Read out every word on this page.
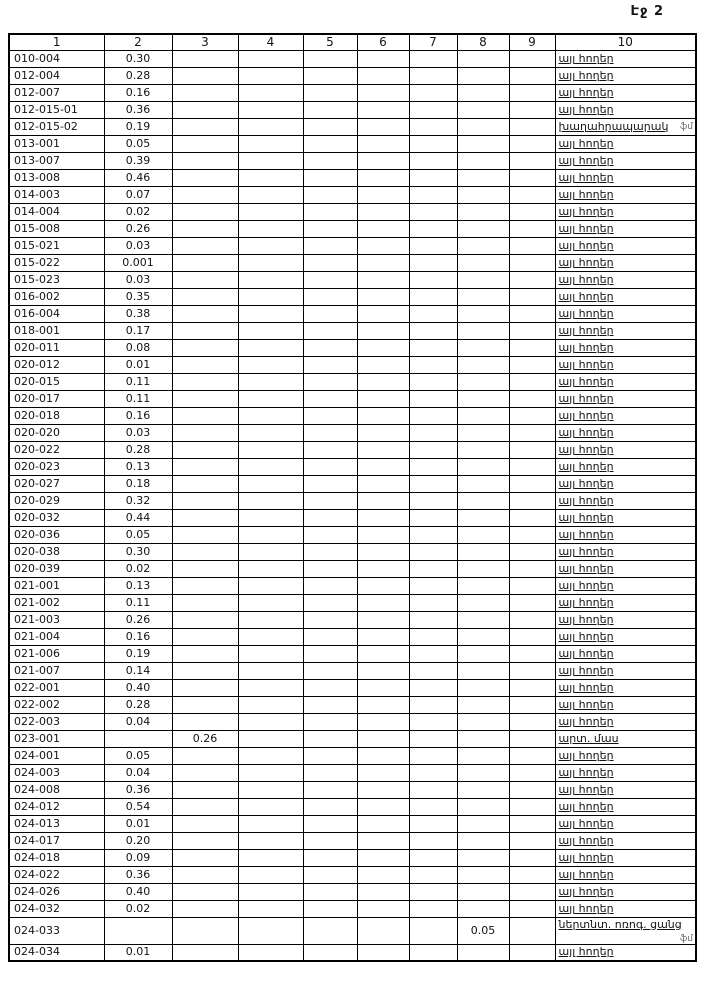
Էջ 2
1	2	3	4	5	6	7	8	9	10
010-004	0.30								այլ հողեր
012-004	0.28								այլ հողեր
012-007	0.16								այլ հողեր
012-015-01	0.36								այլ հողեր
012-015-02	0.19								խաղահրապարակ ֆմ

013-001	0.05								այլ հողեր
013-007	0.39								այլ հողեր
013-008	0.46								այլ հողեր
014-003	0.07								այլ հողեր
014-004	0.02								այլ հողեր
015-008	0.26								այլ հողեր
015-021	0.03								այլ հողեր
015-022	0.001								այլ հողեր
015-023	0.03								այլ հողեր
016-002	0.35								այլ հողեր
016-004	0.38								այլ հողեր
018-001	0.17								այլ հողեր
020-011	0.08								այլ հողեր
020-012	0.01								այլ հողեր
020-015	0.11								այլ հողեր
020-017	0.11								այլ հողեր
020-018	0.16								այլ հողեր
020-020	0.03								այլ հողեր
020-022	0.28								այլ հողեր
020-023	0.13								այլ հողեր
020-027	0.18								այլ հողեր
020-029	0.32								այլ հողեր
020-032	0.44								այլ հողեր
020-036	0.05								այլ հողեր
020-038	0.30								այլ հողեր
020-039	0.02								այլ հողեր
021-001	0.13								այլ հողեր
021-002	0.11								այլ հողեր
021-003	0.26								այլ հողեր
021-004	0.16								այլ հողեր
021-006	0.19								այլ հողեր
021-007	0.14								այլ հողեր
022-001	0.40								այլ հողեր
022-002	0.28								այլ հողեր
022-003	0.04								այլ հողեր
023-001		0.26							արտ. մաս
024-001	0.05								այլ հողեր
024-003	0.04								այլ հողեր
024-008	0.36								այլ հողեր
024-012	0.54								այլ հողեր
024-013	0.01								այլ հողեր
024-017	0.20								այլ հողեր
024-018	0.09								այլ հողեր
024-022	0.36								այլ հողեր
024-026	0.40								այլ հողեր
024-032	0.02								այլ հողեր
024-033							0.05		ներտնտ. ոռոգ. ցանց
ֆմ

024-034	0.01								այլ հողեր
